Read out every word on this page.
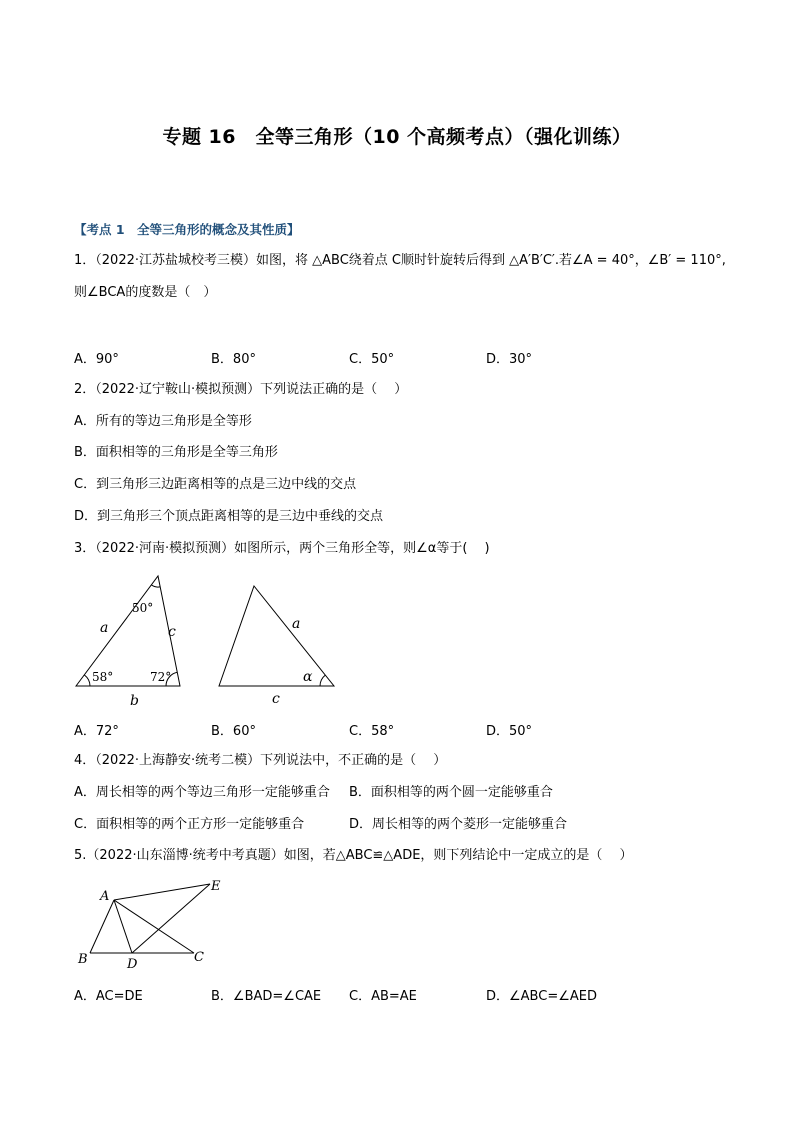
专题 16　全等三角形（10 个高频考点）（强化训练）
【考点 1　全等三角形的概念及其性质】
1．（2022·江苏盐城校考三模）如图，将 △ABC绕着点 C顺时针旋转后得到 △A′B′C′.若∠A = 40°，∠B′ = 110°,
则∠BCA的度数是（　）
A．90°	B．80°	C．50°	D．30°
2．（2022·辽宁鞍山·模拟预测）下列说法正确的是（　 ）
A．所有的等边三角形是全等形
B．面积相等的三角形是全等三角形
C．到三角形三边距离相等的点是三边中线的交点
D．到三角形三个顶点距离相等的是三边中垂线的交点
3．（2022·河南·模拟预测）如图所示，两个三角形全等，则∠α等于(　 )
50°
a	c
58°	72°
b
a
c
α
A．72°	B．60°	C．58°	D．50°
4．（2022·上海静安·统考二模）下列说法中，不正确的是（　 ）
A．周长相等的两个等边三角形一定能够重合 B．面积相等的两个圆一定能够重合
C．面积相等的两个正方形一定能够重合	D．周长相等的两个菱形一定能够重合
5.（2022·山东淄博·统考中考真题）如图，若△ABC≌△ADE，则下列结论中一定成立的是（　 ）
A
B	C
D
E
A．AC=DE	B．∠BAD=∠CAE C．AB=AE	D．∠ABC=∠AED
